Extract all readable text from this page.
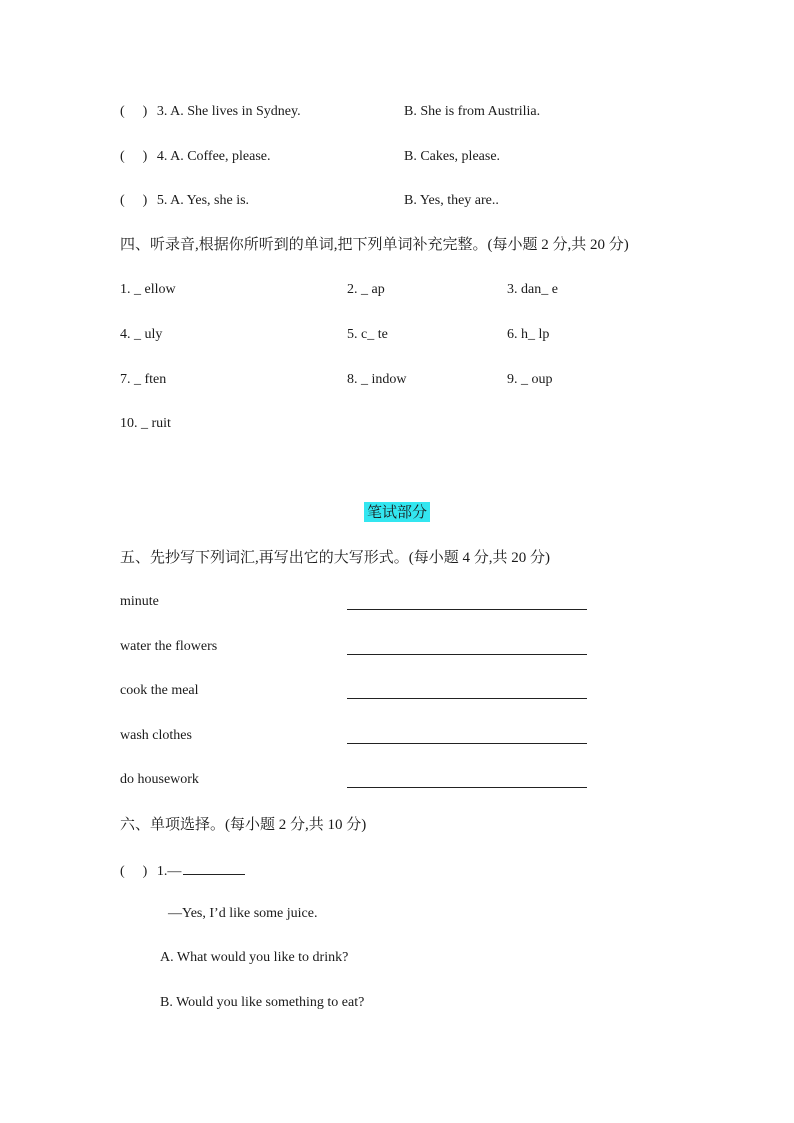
( ) 3. A. She lives in Sydney.	B. She is from Austrilia.
( ) 4. A. Coffee, please.	B. Cakes, please.
( ) 5. A. Yes, she is.	B. Yes, they are..
四、听录音,根据你所听到的单词,把下列单词补充完整。(每小题 2 分,共 20 分)
1. _ ellow	2. _ ap	3. dan_ e
4. _ uly	5. c_ te	6. h_ lp
7. _ ften	8. _ indow	9. _ oup
10. _ ruit
笔试部分
五、先抄写下列词汇,再写出它的大写形式。(每小题 4 分,共 20 分)
minute
water the flowers
cook the meal
wash clothes
do housework
六、单项选择。(每小题 2 分,共 10 分)
( ) 1.—
—Yes, I’d like some juice.
A. What would you like to drink?
B. Would you like something to eat?
